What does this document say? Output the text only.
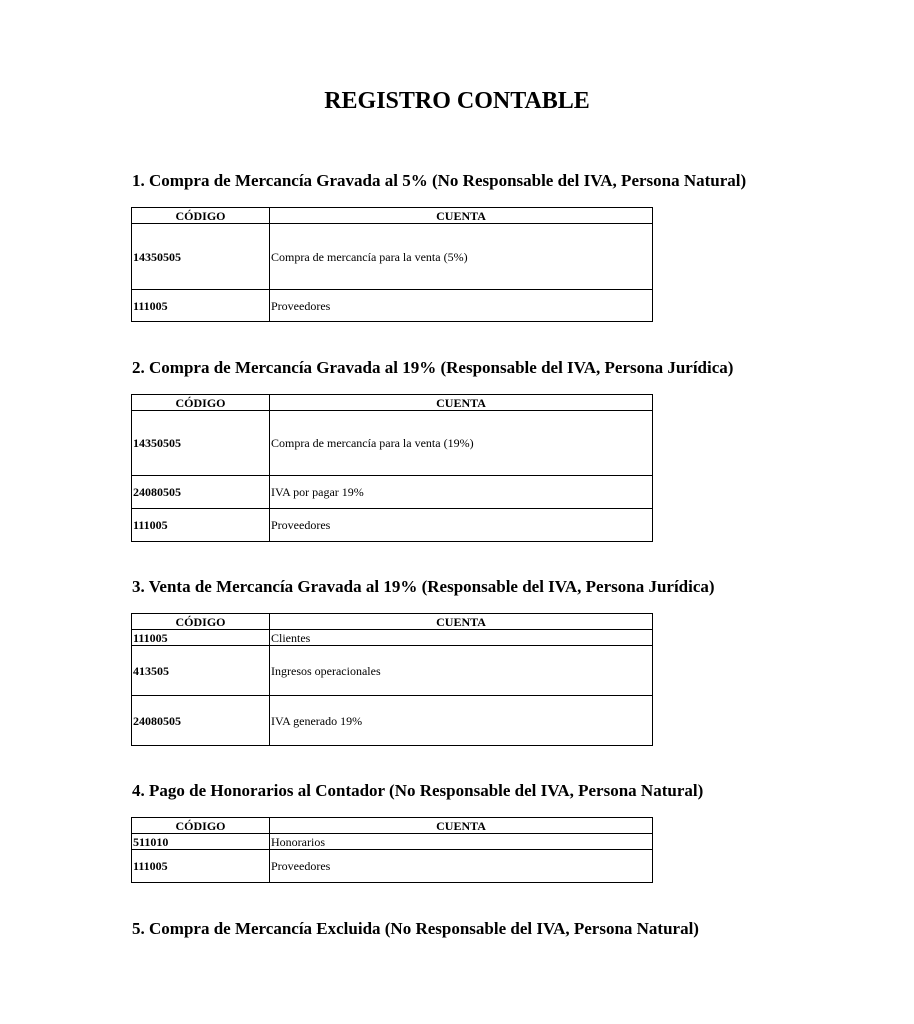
REGISTRO CONTABLE
1. Compra de Mercancía Gravada al 5% (No Responsable del IVA, Persona Natural)
CÓDIGO	CUENTA
14350505	Compra de mercancía para la venta (5%)
111005	Proveedores
2. Compra de Mercancía Gravada al 19% (Responsable del IVA, Persona Jurídica)
CÓDIGO	CUENTA
14350505	Compra de mercancía para la venta (19%)
24080505	IVA por pagar 19%
111005	Proveedores
3. Venta de Mercancía Gravada al 19% (Responsable del IVA, Persona Jurídica)
CÓDIGO	CUENTA
111005	Clientes
413505	Ingresos operacionales
24080505	IVA generado 19%
4. Pago de Honorarios al Contador (No Responsable del IVA, Persona Natural)
CÓDIGO	CUENTA
511010	Honorarios
111005	Proveedores
5. Compra de Mercancía Excluida (No Responsable del IVA, Persona Natural)
